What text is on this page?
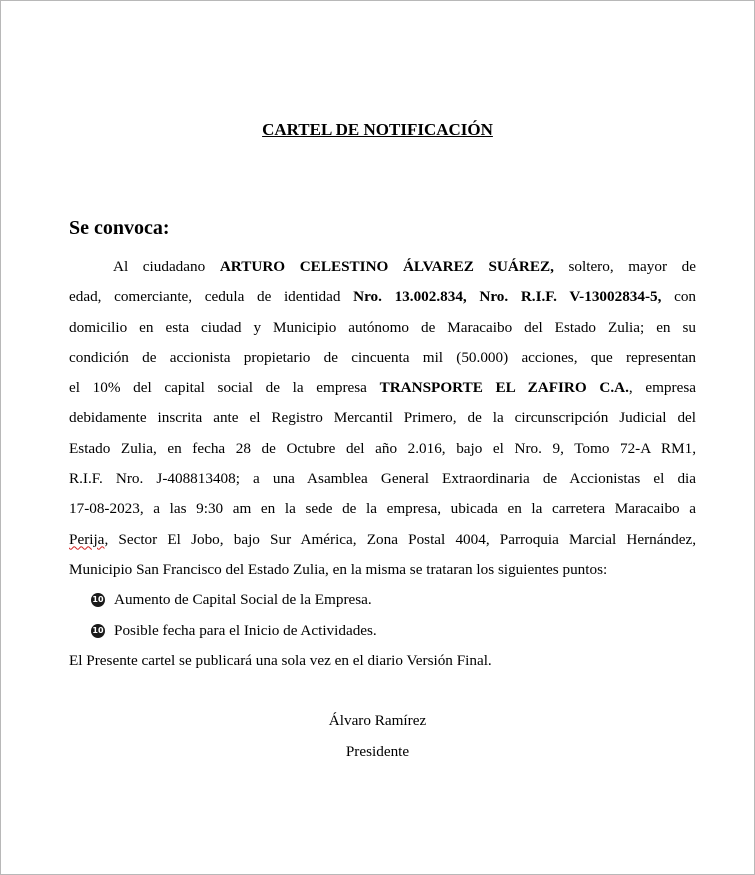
CARTEL DE NOTIFICACIÓN
Se convoca:

Al ciudadano ARTURO CELESTINO ÁLVAREZ SUÁREZ, soltero, mayor de
edad, comerciante, cedula de identidad Nro. 13.002.834, Nro. R.I.F. V-13002834-5, con
domicilio en esta ciudad y Municipio autónomo de Maracaibo del Estado Zulia; en su
condición de accionista propietario de cincuenta mil (50.000) acciones, que representan
el 10% del capital social de la empresa TRANSPORTE EL ZAFIRO C.A., empresa
debidamente inscrita ante el Registro Mercantil Primero, de la circunscripción Judicial del
Estado Zulia, en fecha 28 de Octubre del año 2.016, bajo el Nro. 9, Tomo 72-A RM1,
R.I.F. Nro. J-408813408; a una Asamblea General Extraordinaria de Accionistas el dia
17-08-2023, a las 9:30 am en la sede de la empresa, ubicada en la carretera Maracaibo a
Perija, Sector El Jobo, bajo Sur América, Zona Postal 4004, Parroquia Marcial Hernández,
Municipio San Francisco del Estado Zulia, en la misma se trataran los siguientes puntos:

10 Aumento de Capital Social de la Empresa.
10 Posible fecha para el Inicio de Actividades.

El Presente cartel se publicará una sola vez en el diario Versión Final.

Álvaro Ramírez
Presidente
